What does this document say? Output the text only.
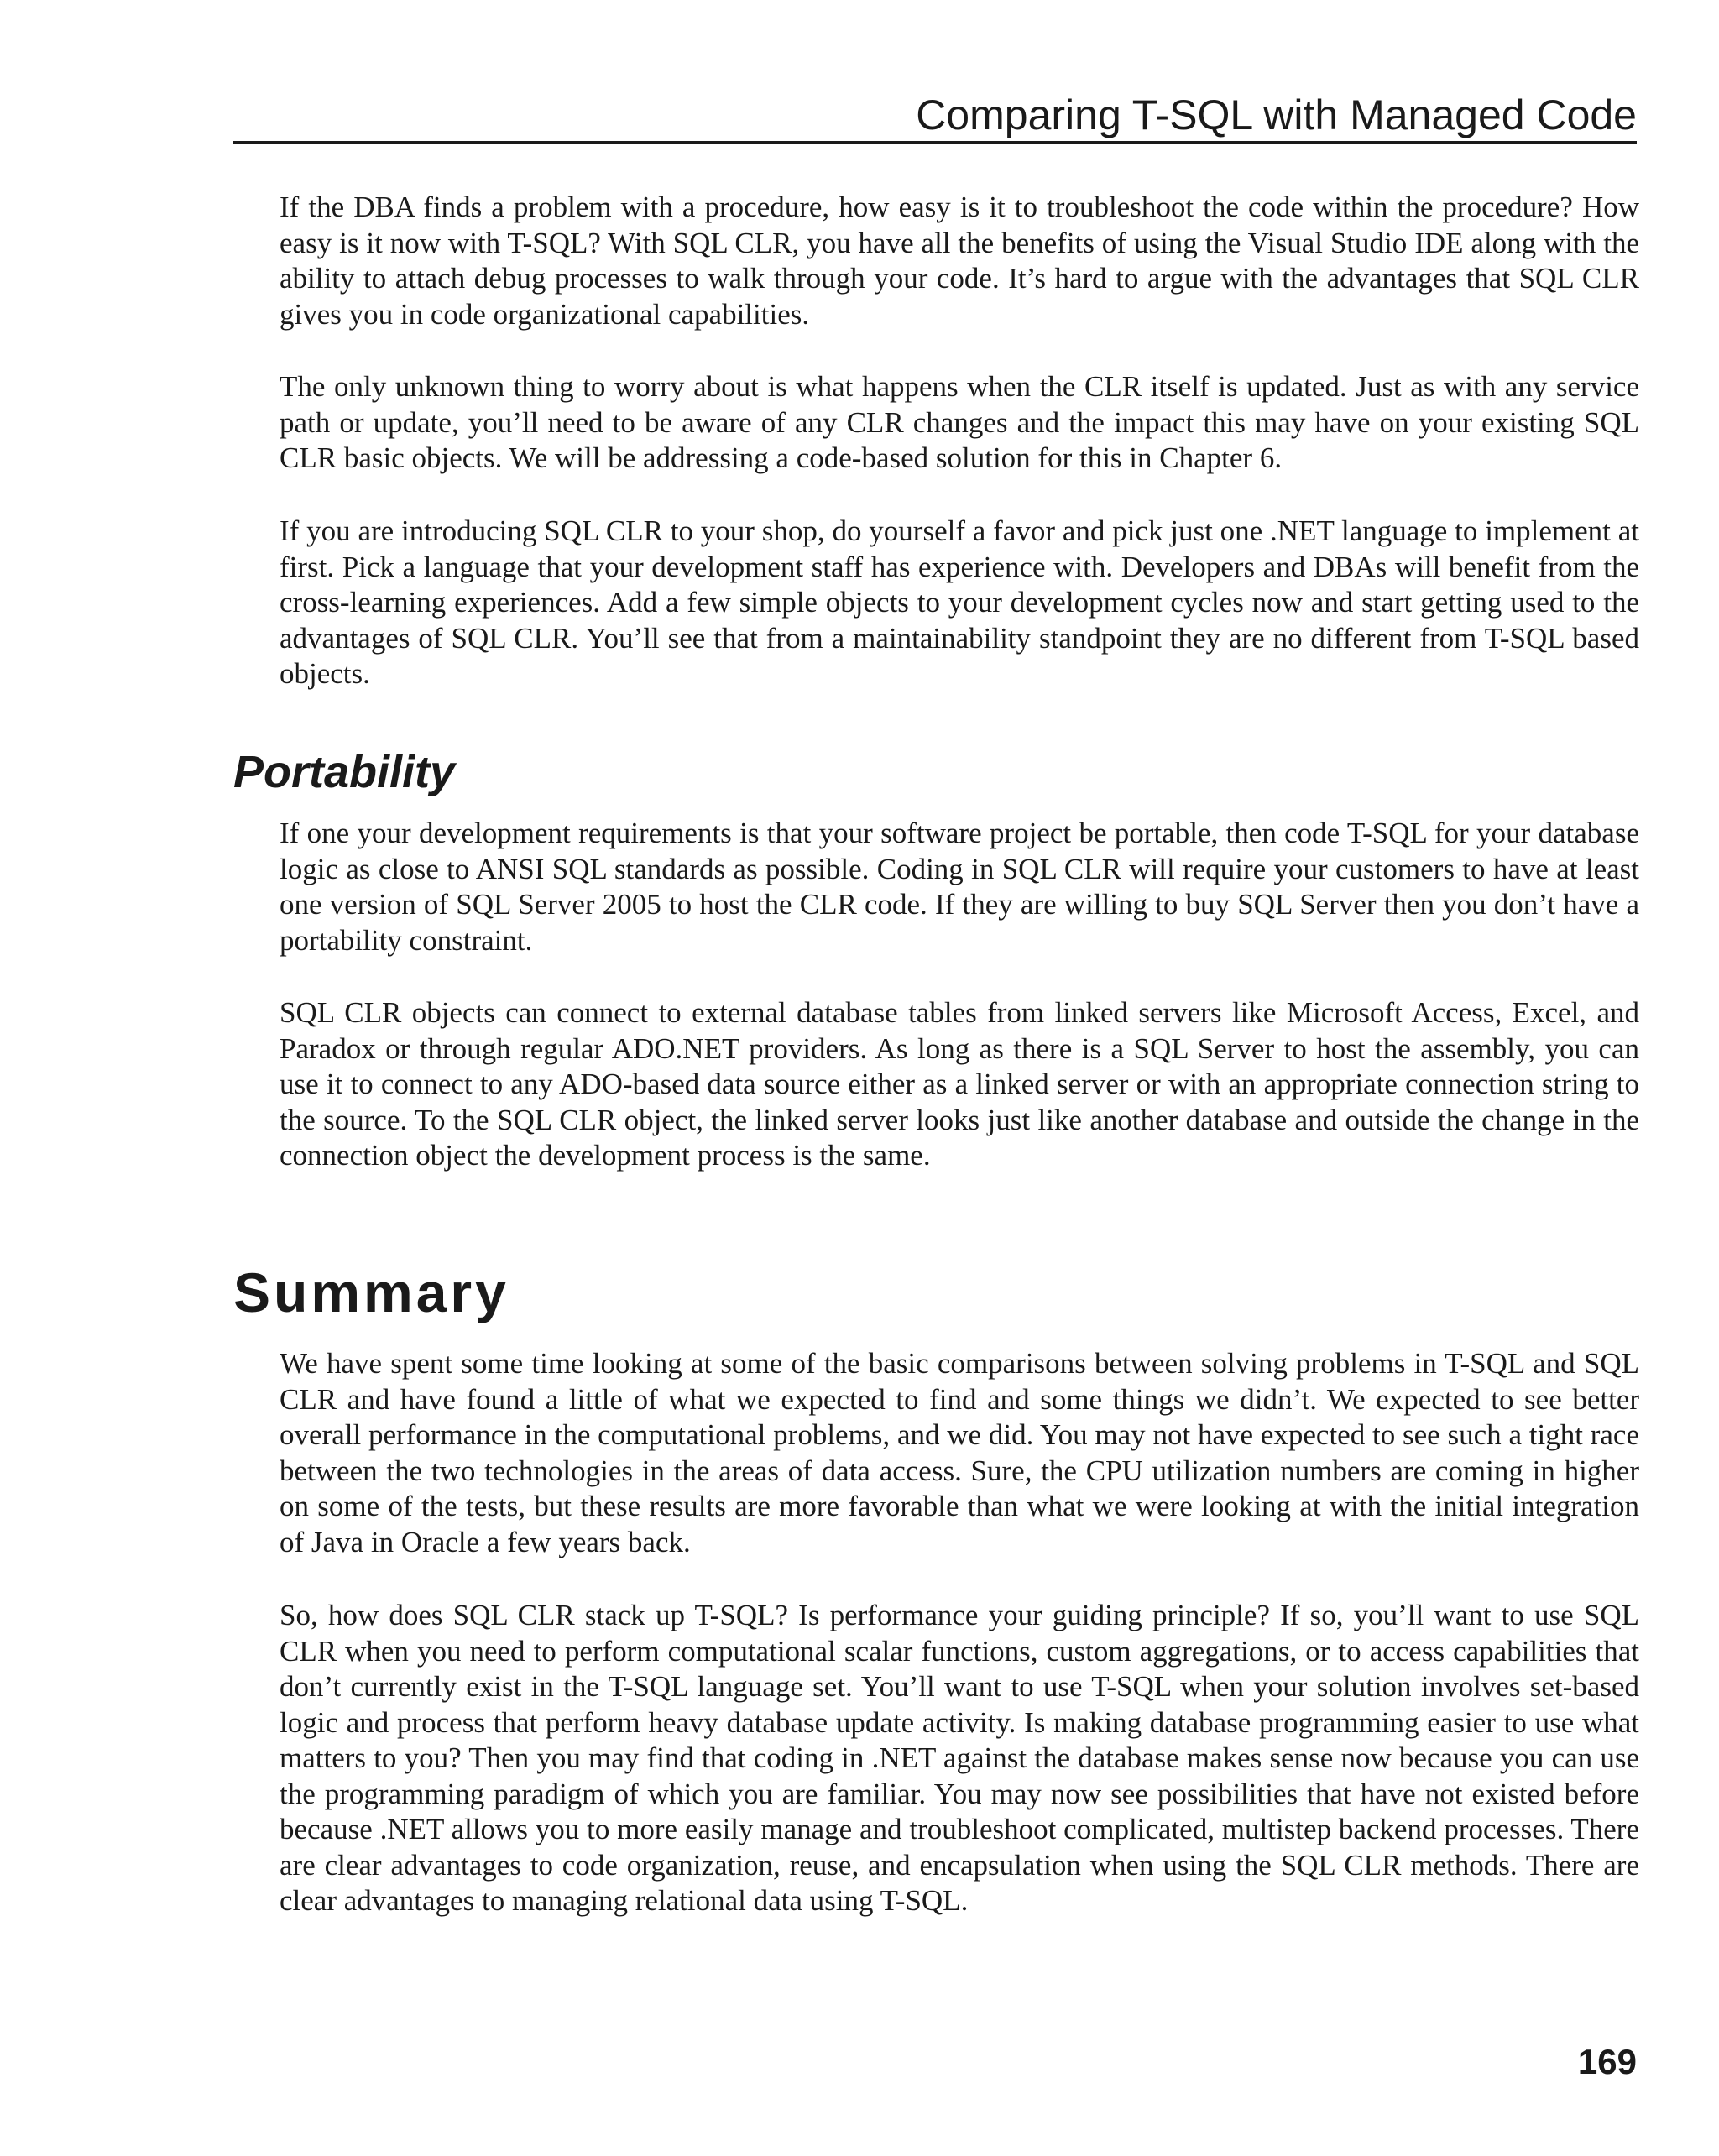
Comparing T-SQL with Managed Code

If the DBA finds a problem with a procedure, how easy is it to troubleshoot the code within the procedure? How easy is it now with T-SQL? With SQL CLR, you have all the benefits of using the Visual Studio IDE along with the ability to attach debug processes to walk through your code. It’s hard to argue with the advantages that SQL CLR gives you in code organizational capabilities.

The only unknown thing to worry about is what happens when the CLR itself is updated. Just as with any service path or update, you’ll need to be aware of any CLR changes and the impact this may have on your existing SQL CLR basic objects. We will be addressing a code-based solution for this in Chapter 6.

If you are introducing SQL CLR to your shop, do yourself a favor and pick just one .NET language to implement at first. Pick a language that your development staff has experience with. Developers and DBAs will benefit from the cross-learning experiences. Add a few simple objects to your development cycles now and start getting used to the advantages of SQL CLR. You’ll see that from a maintainability standpoint they are no different from T-SQL based objects.

Portability

If one your development requirements is that your software project be portable, then code T-SQL for your database logic as close to ANSI SQL standards as possible. Coding in SQL CLR will require your customers to have at least one version of SQL Server 2005 to host the CLR code. If they are willing to buy SQL Server then you don’t have a portability constraint.

SQL CLR objects can connect to external database tables from linked servers like Microsoft Access, Excel, and Paradox or through regular ADO.NET providers. As long as there is a SQL Server to host the assembly, you can use it to connect to any ADO-based data source either as a linked server or with an appropriate connection string to the source. To the SQL CLR object, the linked server looks just like another database and outside the change in the connection object the development process is the same.

Summary

We have spent some time looking at some of the basic comparisons between solving problems in T-SQL and SQL CLR and have found a little of what we expected to find and some things we didn’t. We expected to see better overall performance in the computational problems, and we did. You may not have expected to see such a tight race between the two technologies in the areas of data access. Sure, the CPU utilization numbers are coming in higher on some of the tests, but these results are more favorable than what we were looking at with the initial integration of Java in Oracle a few years back.

So, how does SQL CLR stack up T-SQL? Is performance your guiding principle? If so, you’ll want to use SQL CLR when you need to perform computational scalar functions, custom aggregations, or to access capabilities that don’t currently exist in the T-SQL language set. You’ll want to use T-SQL when your solution involves set-based logic and process that perform heavy database update activity. Is making database programming easier to use what matters to you? Then you may find that coding in .NET against the database makes sense now because you can use the programming paradigm of which you are familiar. You may now see possibilities that have not existed before because .NET allows you to more easily manage and troubleshoot complicated, multistep backend processes. There are clear advantages to code organization, reuse, and encapsulation when using the SQL CLR methods. There are clear advantages to managing relational data using T-SQL.

169
